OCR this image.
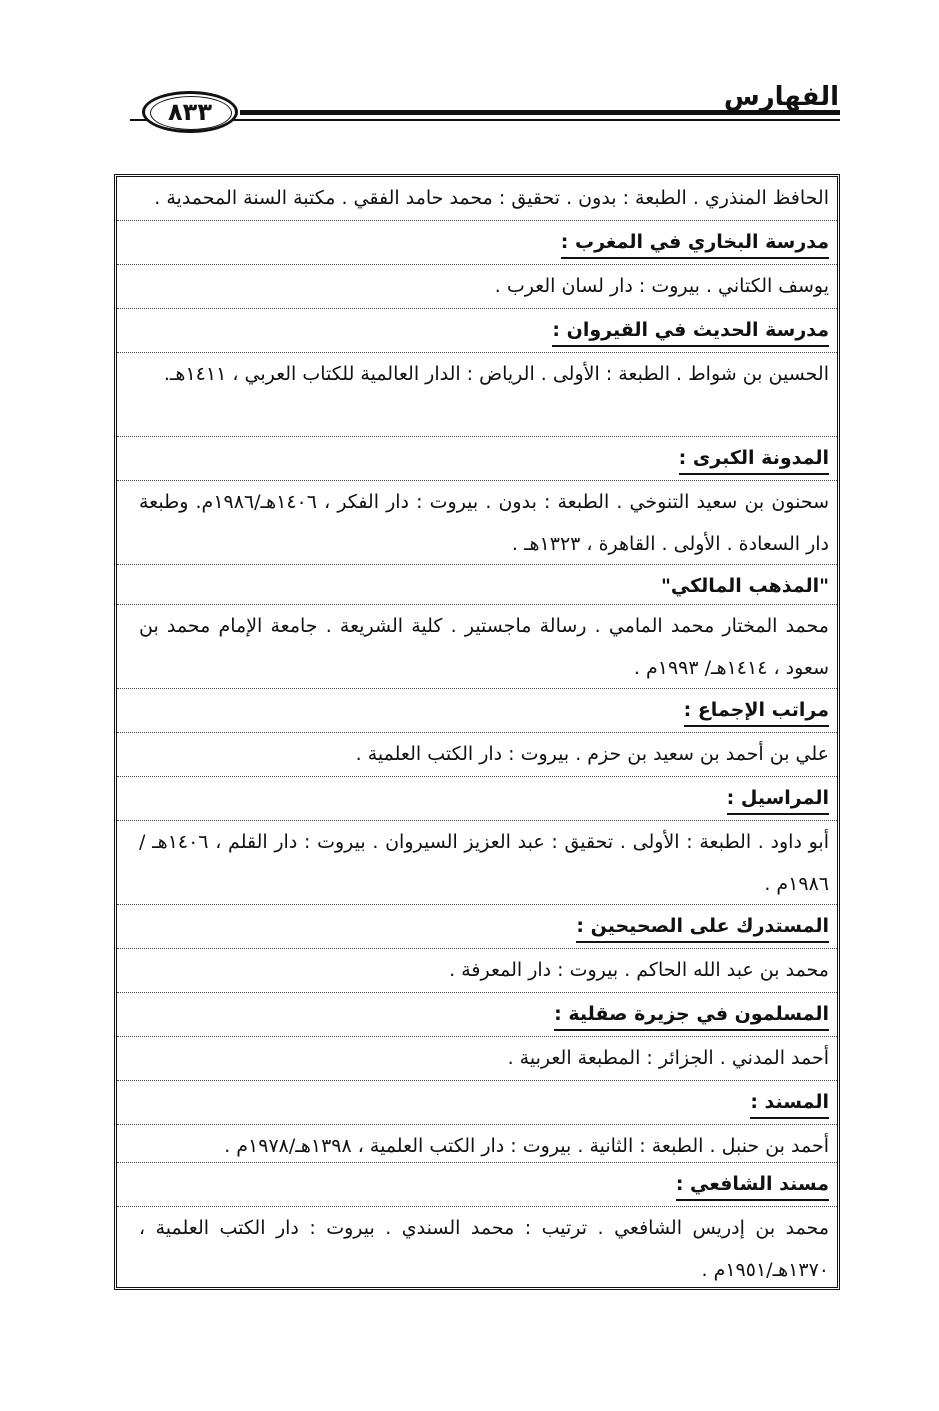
٨٣٣	الفهارس
الحافظ المنذري . الطبعة : بدون . تحقيق : محمد حامد الفقي . مكتبة السنة المحمدية .
مدرسة البخاري في المغرب :
يوسف الكتاني . بيروت : دار لسان العرب .
مدرسة الحديث في القيروان :
الحسين بن شواط . الطبعة : الأولى . الرياض : الدار العالمية للكتاب العربي ، ١٤١١هـ.
المدونة الكبرى :
سحنون بن سعيد التنوخي . الطبعة : بدون . بيروت : دار الفكر ، ١٤٠٦هـ/١٩٨٦م. وطبعة دار السعادة . الأولى . القاهرة ، ١٣٢٣هـ .
"المذهب المالكي"
محمد المختار محمد المامي . رسالة ماجستير . كلية الشريعة . جامعة الإمام محمد بن سعود ، ١٤١٤هـ/ ١٩٩٣م .
مراتب الإجماع :
علي بن أحمد بن سعيد بن حزم . بيروت : دار الكتب العلمية .
المراسيل :
أبو داود . الطبعة : الأولى . تحقيق : عبد العزيز السيروان . بيروت : دار القلم ، ١٤٠٦هـ /١٩٨٦م .
المستدرك على الصحيحين :
محمد بن عبد الله الحاكم . بيروت : دار المعرفة .
المسلمون في جزيرة صقلية :
أحمد المدني . الجزائر : المطبعة العربية .
المسند :
أحمد بن حنبل . الطبعة : الثانية . بيروت : دار الكتب العلمية ، ١٣٩٨هـ/١٩٧٨م .
مسند الشافعي :
محمد بن إدريس الشافعي . ترتيب : محمد السندي . بيروت : دار الكتب العلمية ، ١٣٧٠هـ/١٩٥١م .
